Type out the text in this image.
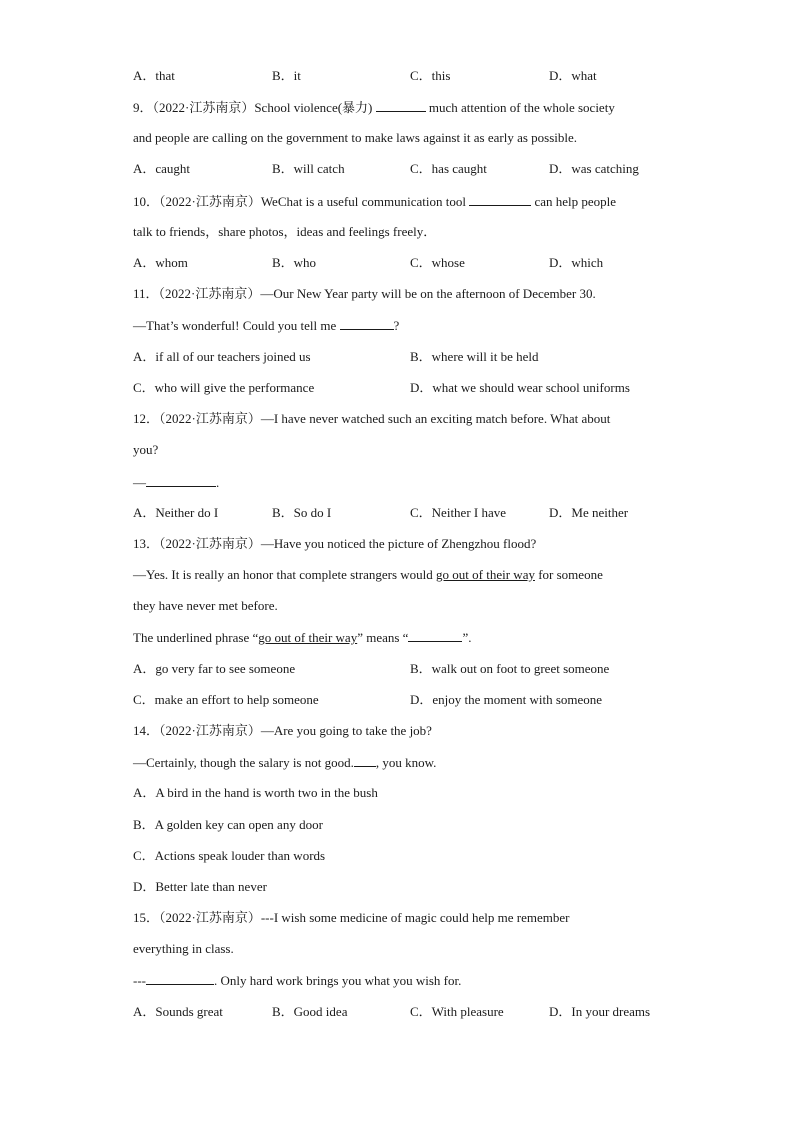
A．that	B．it	C．this	D．what
9．（2022·江苏南京）School violence(暴力)	much attention of the whole society
and people are calling on the government to make laws against it as early as possible.
A．caught	B．will catch	C．has caught	D．was catching
10．（2022·江苏南京）WeChat is a useful communication tool	can help people
talk to friends，share photos，ideas and feelings freely．
A．whom	B．who	C．whose	D．which
11．（2022·江苏南京）—Our New Year party will be on the afternoon of December 30.
—That’s wonderful! Could you tell me	?
A．if all of our teachers joined us	B．where will it be held
C．who will give the performance	D．what we should wear school uniforms
12．（2022·江苏南京）—I have never watched such an exciting match before. What about
you?
—	.
A．Neither do I	B．So do I	C．Neither I have	D．Me neither
13．（2022·江苏南京）—Have you noticed the picture of Zhengzhou flood?
—Yes. It is really an honor that complete strangers would go out of their way for someone
they have never met before.
The underlined phrase “go out of their way” means “	”.
A．go very far to see someone	B．walk out on foot to greet someone
C．make an effort to help someone	D．enjoy the moment with someone
14．（2022·江苏南京）—Are you going to take the job?
—Certainly, though the salary is not good. , you know.
A．A bird in the hand is worth two in the bush
B．A golden key can open any door
C．Actions speak louder than words
D．Better late than never
15．（2022·江苏南京）---I wish some medicine of magic could help me remember
everything in class.
---	. Only hard work brings you what you wish for.
A．Sounds great	B．Good idea	C．With pleasure	D．In your dreams
